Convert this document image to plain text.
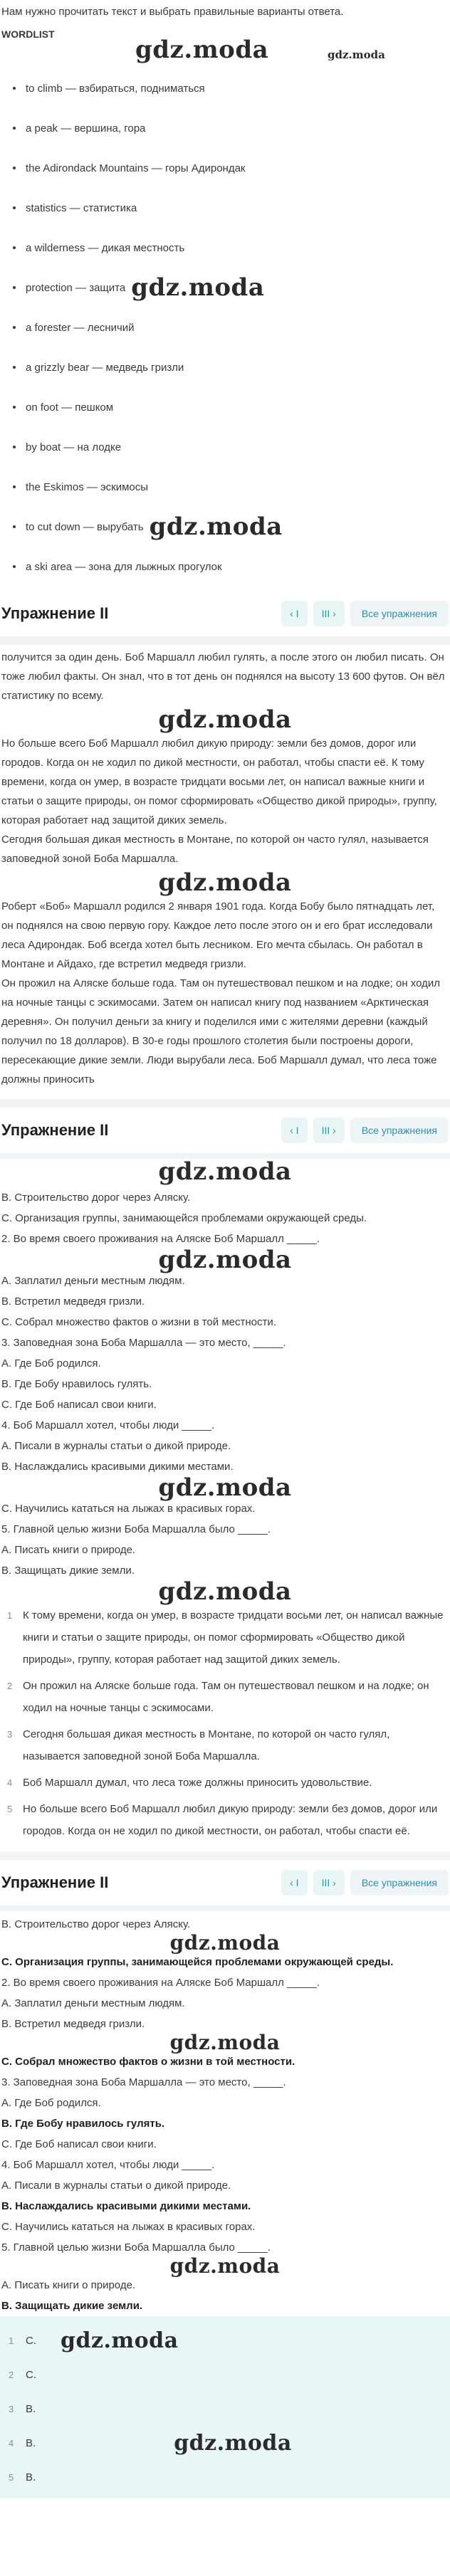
Нам нужно прочитать текст и выбрать правильные варианты ответа.

WORDLIST
gdz.moda	gdz.moda
to climb — взбираться, подниматься
a peak — вершина, гора
the Adirondack Mountains — горы Адирондак
statistics — статистика
a wilderness — дикая местность
protection — защита gdz.moda
a forester — лесничий
a grizzly bear — медведь гризли
on foot — пешком
by boat — на лодке
the Eskimos — эскимосы
to cut down — вырубать gdz.moda
a ski area — зона для лыжных прогулок
Упражнение II	‹ I	III ›	Все упражнения

получится за один день. Боб Маршалл любил гулять, а после этого он любил писать. Он тоже любил факты. Он знал, что в тот день он поднялся на высоту 13 600 футов. Он вёл статистику по всему.

gdz.moda

Но больше всего Боб Маршалл любил дикую природу: земли без домов, дорог или городов. Когда он не ходил по дикой местности, он работал, чтобы спасти её. К тому времени, когда он умер, в возрасте тридцати восьми лет, он написал важные книги и статьи о защите природы, он помог сформировать «Общество дикой природы», группу, которая работает над защитой диких земель.

Сегодня большая дикая местность в Монтане, по которой он часто гулял, называется заповедной зоной Боба Маршалла.

gdz.moda

Роберт «Боб» Маршалл родился 2 января 1901 года. Когда Бобу было пятнадцать лет, он поднялся на свою первую гору. Каждое лето после этого он и его брат исследовали леса Адирондак. Боб всегда хотел быть лесником. Его мечта сбылась. Он работал в Монтане и Айдахо, где встретил медведя гризли.

Он прожил на Аляске больше года. Там он путешествовал пешком и на лодке; он ходил на ночные танцы с эскимосами. Затем он написал книгу под названием «Арктическая деревня». Он получил деньги за книгу и поделился ими с жителями деревни (каждый получил по 18 долларов). В 30-е годы прошлого столетия были построены дороги, пересекающие дикие земли. Люди вырубали леса. Боб Маршалл думал, что леса тоже должны приносить

Упражнение II	‹ I	III ›	Все упражнения
gdz.moda

B. Строительство дорог через Аляску.

C. Организация группы, занимающейся проблемами окружающей среды.

2. Во время своего проживания на Аляске Боб Маршалл _____.

gdz.moda

A. Заплатил деньги местным людям.

B. Встретил медведя гризли.

C. Собрал множество фактов о жизни в той местности.

3. Заповедная зона Боба Маршалла — это место, _____.

A. Где Боб родился.

B. Где Бобу нравилось гулять.

C. Где Боб написал свои книги.

4. Боб Маршалл хотел, чтобы люди _____.

A. Писали в журналы статьи о дикой природе.

B. Наслаждались красивыми дикими местами.

gdz.moda

C. Научились кататься на лыжах в красивых горах.

5. Главной целью жизни Боба Маршалла было _____.

A. Писать книги о природе.

B. Защищать дикие земли.

gdz.moda
1 К тому времени, когда он умер, в возрасте тридцати восьми лет, он написал важные книги и статьи о защите природы, он помог сформировать «Общество дикой природы», группу, которая работает над защитой диких земель.
2 Он прожил на Аляске больше года. Там он путешествовал пешком и на лодке; он ходил на ночные танцы с эскимосами.
3 Сегодня большая дикая местность в Монтане, по которой он часто гулял, называется заповедной зоной Боба Маршалла.
4 Боб Маршалл думал, что леса тоже должны приносить удовольствие.
5 Но больше всего Боб Маршалл любил дикую природу: земли без домов, дорог или городов. Когда он не ходил по дикой местности, он работал, чтобы спасти её.
Упражнение II	‹ I	III ›	Все упражнения

B. Строительство дорог через Аляску.

gdz.moda

C. Организация группы, занимающейся проблемами окружающей среды.

2. Во время своего проживания на Аляске Боб Маршалл _____.

A. Заплатил деньги местным людям.

B. Встретил медведя гризли.

gdz.moda

C. Собрал множество фактов о жизни в той местности.

3. Заповедная зона Боба Маршалла — это место, _____.

A. Где Боб родился.

B. Где Бобу нравилось гулять.

C. Где Боб написал свои книги.

4. Боб Маршалл хотел, чтобы люди _____.

A. Писали в журналы статьи о дикой природе.

B. Наслаждались красивыми дикими местами.

C. Научились кататься на лыжах в красивых горах.

5. Главной целью жизни Боба Маршалла было _____.

gdz.moda

A. Писать книги о природе.

B. Защищать дикие земли.

1 C. gdz.moda
2 C.
3 B.
4 B.	gdz.moda
5 B.
